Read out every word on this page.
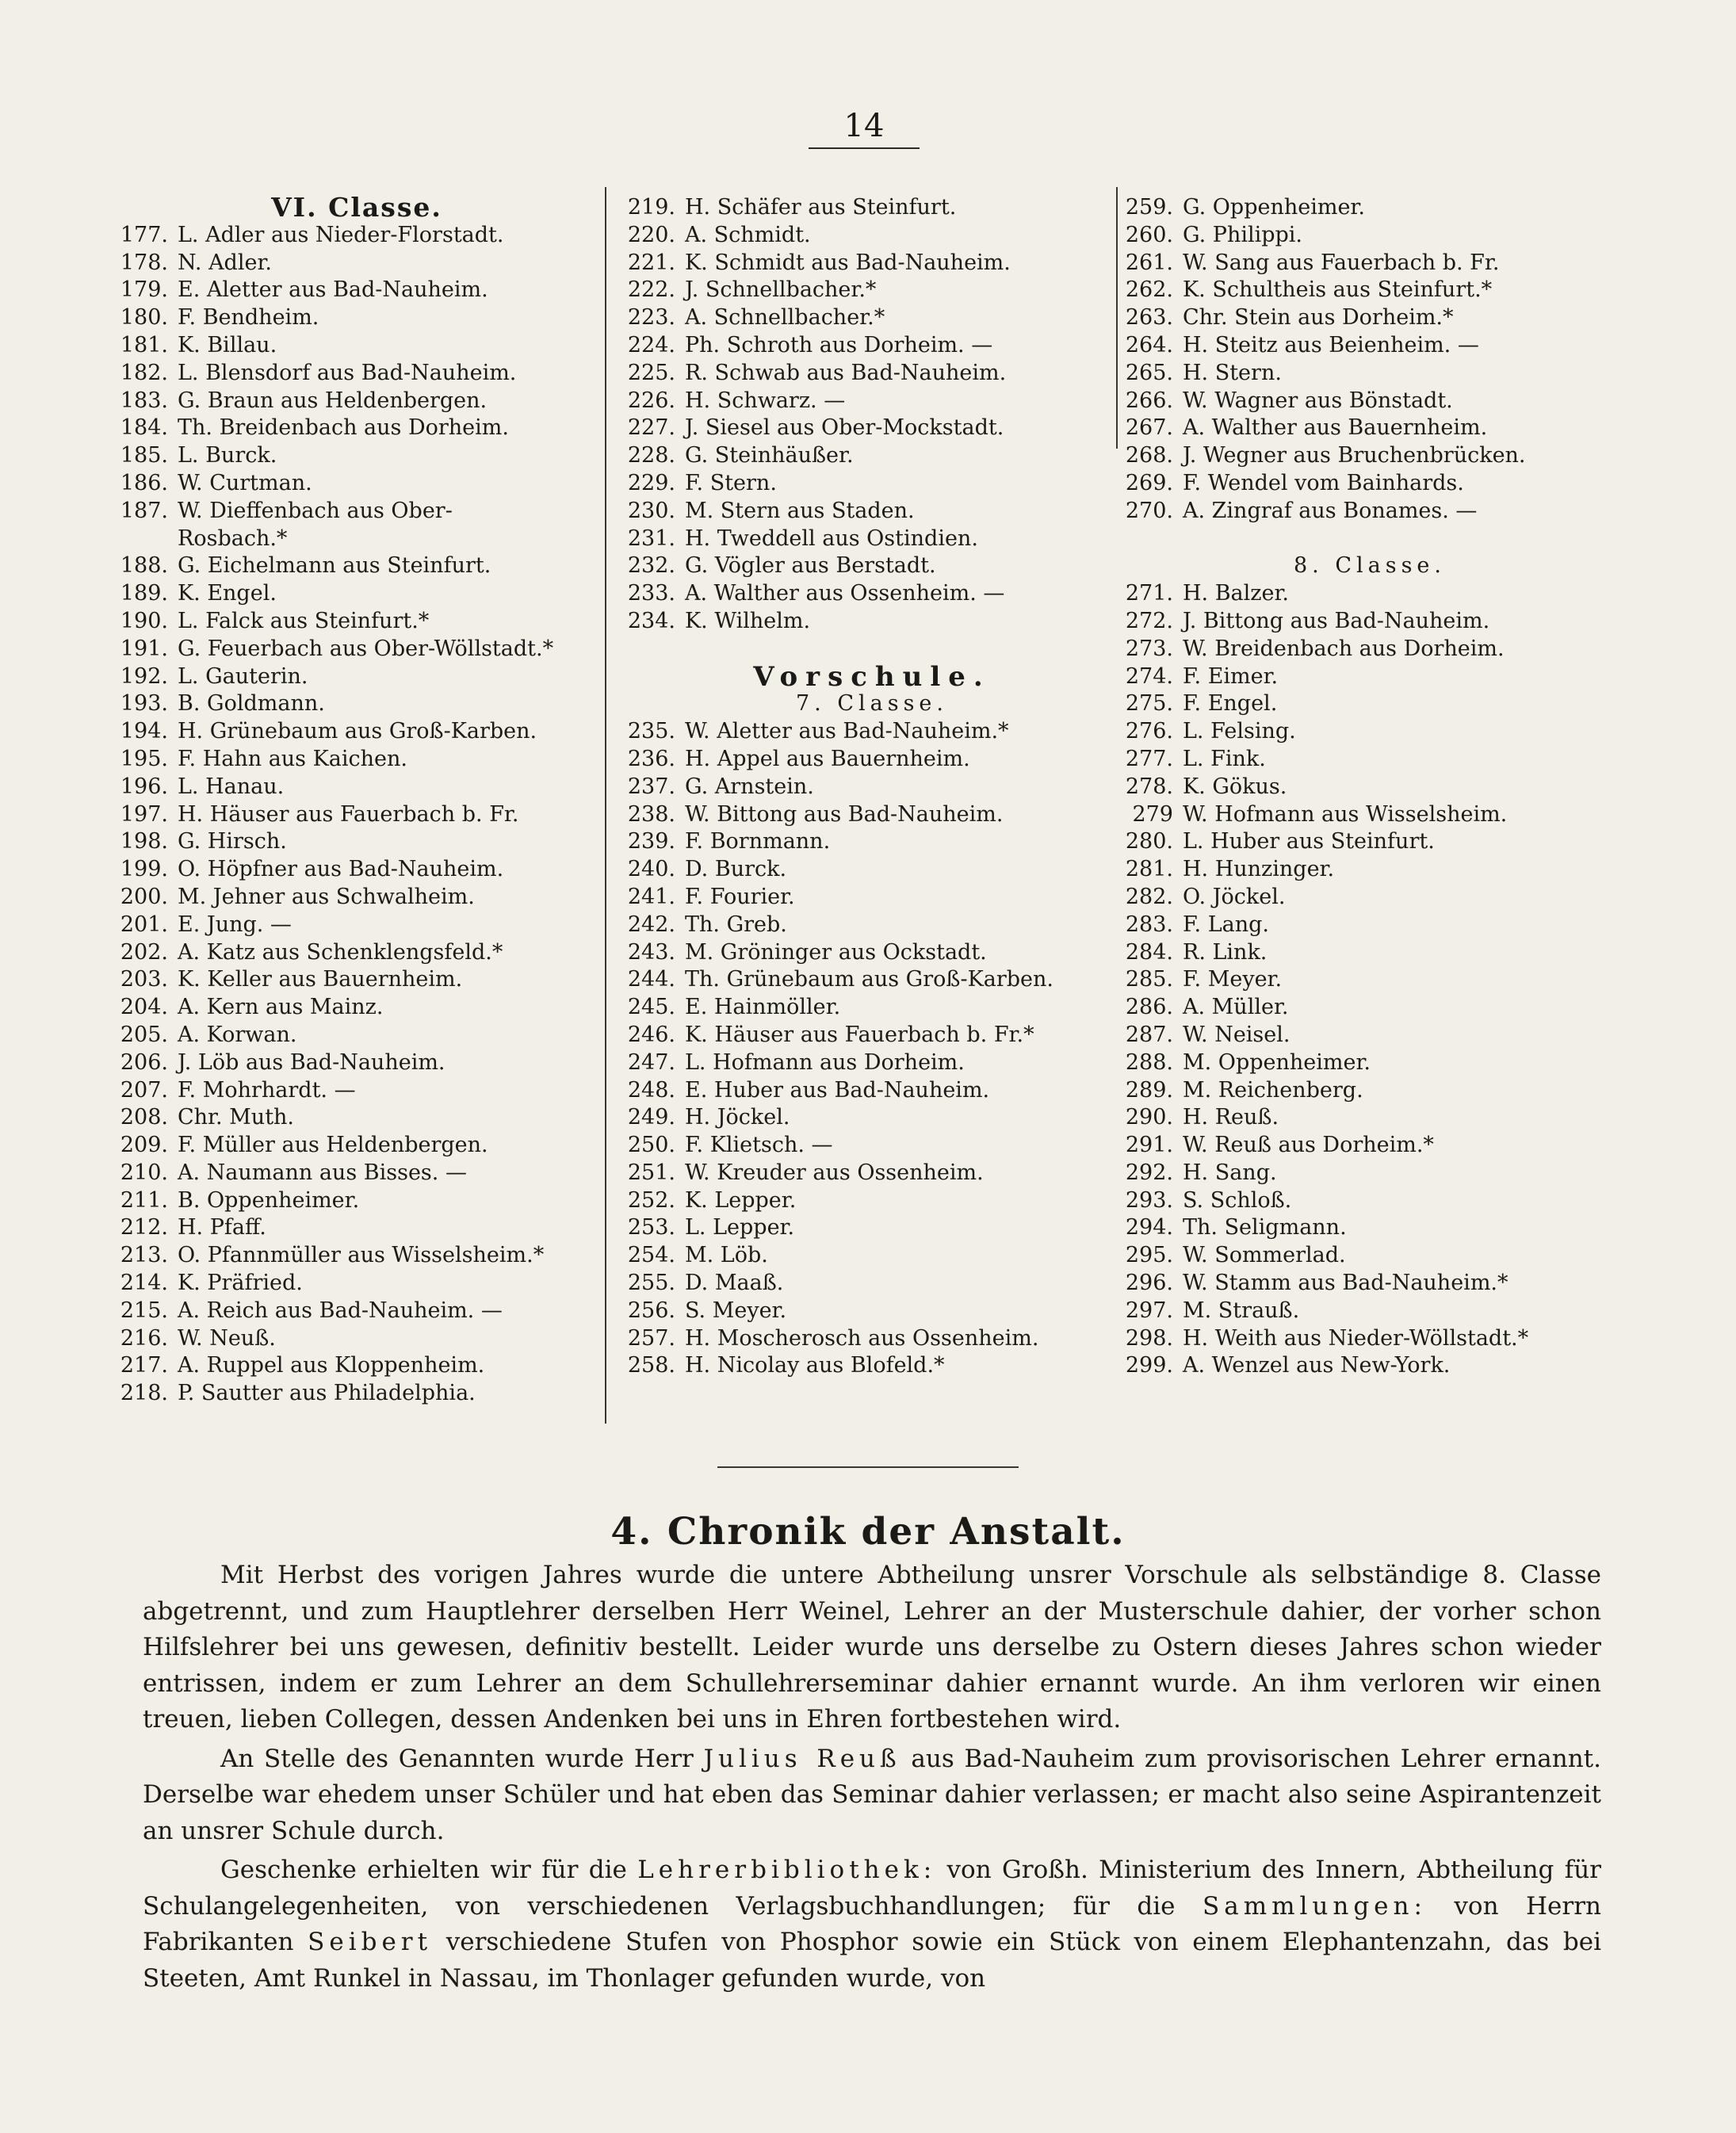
14
VI. Classe.
177. L. Adler aus Nieder-Florstadt.
178. N. Adler.
179. E. Aletter aus Bad-Nauheim.
180. F. Bendheim.
181. K. Billau.
182. L. Blensdorf aus Bad-Nauheim.
183. G. Braun aus Heldenbergen.
184. Th. Breidenbach aus Dorheim.
185. L. Burck.
186. W. Curtman.
187. W. Dieffenbach aus Ober-
Rosbach.*
188. G. Eichelmann aus Steinfurt.
189. K. Engel.
190. L. Falck aus Steinfurt.*
191. G. Feuerbach aus Ober-Wöllstadt.*
192. L. Gauterin.
193. B. Goldmann.
194. H. Grünebaum aus Groß-Karben.
195. F. Hahn aus Kaichen.
196. L. Hanau.
197. H. Häuser aus Fauerbach b. Fr.
198. G. Hirsch.
199. O. Höpfner aus Bad-Nauheim.
200. M. Jehner aus Schwalheim.
201. E. Jung. —
202. A. Katz aus Schenklengsfeld.*
203. K. Keller aus Bauernheim.
204. A. Kern aus Mainz.
205. A. Korwan.
206. J. Löb aus Bad-Nauheim.
207. F. Mohrhardt. —
208. Chr. Muth.
209. F. Müller aus Heldenbergen.
210. A. Naumann aus Bisses. —
211. B. Oppenheimer.
212. H. Pfaff.
213. O. Pfannmüller aus Wisselsheim.*
214. K. Präfried.
215. A. Reich aus Bad-Nauheim. —
216. W. Neuß.
217. A. Ruppel aus Kloppenheim.
218. P. Sautter aus Philadelphia.
219. H. Schäfer aus Steinfurt.
220. A. Schmidt.
221. K. Schmidt aus Bad-Nauheim.
222. J. Schnellbacher.*
223. A. Schnellbacher.*
224. Ph. Schroth aus Dorheim. —
225. R. Schwab aus Bad-Nauheim.
226. H. Schwarz. —
227. J. Siesel aus Ober-Mockstadt.
228. G. Steinhäußer.
229. F. Stern.
230. M. Stern aus Staden.
231. H. Tweddell aus Ostindien.
232. G. Vögler aus Berstadt.
233. A. Walther aus Ossenheim. —
234. K. Wilhelm.
Vorschule.
7. Classe.
235. W. Aletter aus Bad-Nauheim.*
236. H. Appel aus Bauernheim.
237. G. Arnstein.
238. W. Bittong aus Bad-Nauheim.
239. F. Bornmann.
240. D. Burck.
241. F. Fourier.
242. Th. Greb.
243. M. Gröninger aus Ockstadt.
244. Th. Grünebaum aus Groß-Karben.
245. E. Hainmöller.
246. K. Häuser aus Fauerbach b. Fr.*
247. L. Hofmann aus Dorheim.
248. E. Huber aus Bad-Nauheim.
249. H. Jöckel.
250. F. Klietsch. —
251. W. Kreuder aus Ossenheim.
252. K. Lepper.
253. L. Lepper.
254. M. Löb.
255. D. Maaß.
256. S. Meyer.
257. H. Moscherosch aus Ossenheim.
258. H. Nicolay aus Blofeld.*
259. G. Oppenheimer.
260. G. Philippi.
261. W. Sang aus Fauerbach b. Fr.
262. K. Schultheis aus Steinfurt.*
263. Chr. Stein aus Dorheim.*
264. H. Steitz aus Beienheim. —
265. H. Stern.
266. W. Wagner aus Bönstadt.
267. A. Walther aus Bauernheim.
268. J. Wegner aus Bruchenbrücken.
269. F. Wendel vom Bainhards.
270. A. Zingraf aus Bonames. —
8. Classe.
271. H. Balzer.
272. J. Bittong aus Bad-Nauheim.
273. W. Breidenbach aus Dorheim.
274. F. Eimer.
275. F. Engel.
276. L. Felsing.
277. L. Fink.
278. K. Gökus.
279 W. Hofmann aus Wisselsheim.
280. L. Huber aus Steinfurt.
281. H. Hunzinger.
282. O. Jöckel.
283. F. Lang.
284. R. Link.
285. F. Meyer.
286. A. Müller.
287. W. Neisel.
288. M. Oppenheimer.
289. M. Reichenberg.
290. H. Reuß.
291. W. Reuß aus Dorheim.*
292. H. Sang.
293. S. Schloß.
294. Th. Seligmann.
295. W. Sommerlad.
296. W. Stamm aus Bad-Nauheim.*
297. M. Strauß.
298. H. Weith aus Nieder-Wöllstadt.*
299. A. Wenzel aus New-York.
4. Chronik der Anstalt.

Mit Herbst des vorigen Jahres wurde die untere Abtheilung unsrer Vorschule als selbständige 8. Classe abgetrennt, und zum Hauptlehrer derselben Herr Weinel, Lehrer an der Musterschule dahier, der vorher schon Hilfslehrer bei uns gewesen, definitiv bestellt. Leider wurde uns derselbe zu Ostern dieses Jahres schon wieder entrissen, indem er zum Lehrer an dem Schullehrerseminar dahier ernannt wurde. An ihm verloren wir einen treuen, lieben Collegen, dessen Andenken bei uns in Ehren fortbestehen wird.

An Stelle des Genannten wurde Herr Julius Reuß aus Bad-Nauheim zum provisorischen Lehrer ernannt. Derselbe war ehedem unser Schüler und hat eben das Seminar dahier verlassen; er macht also seine Aspirantenzeit an unsrer Schule durch.

Geschenke erhielten wir für die Lehrerbibliothek: von Großh. Ministerium des Innern, Abtheilung für Schulangelegenheiten, von verschiedenen Verlagsbuchhandlungen; für die Sammlungen: von Herrn Fabrikanten Seibert verschiedene Stufen von Phosphor sowie ein Stück von einem Elephantenzahn, das bei Steeten, Amt Runkel in Nassau, im Thonlager gefunden wurde, von
